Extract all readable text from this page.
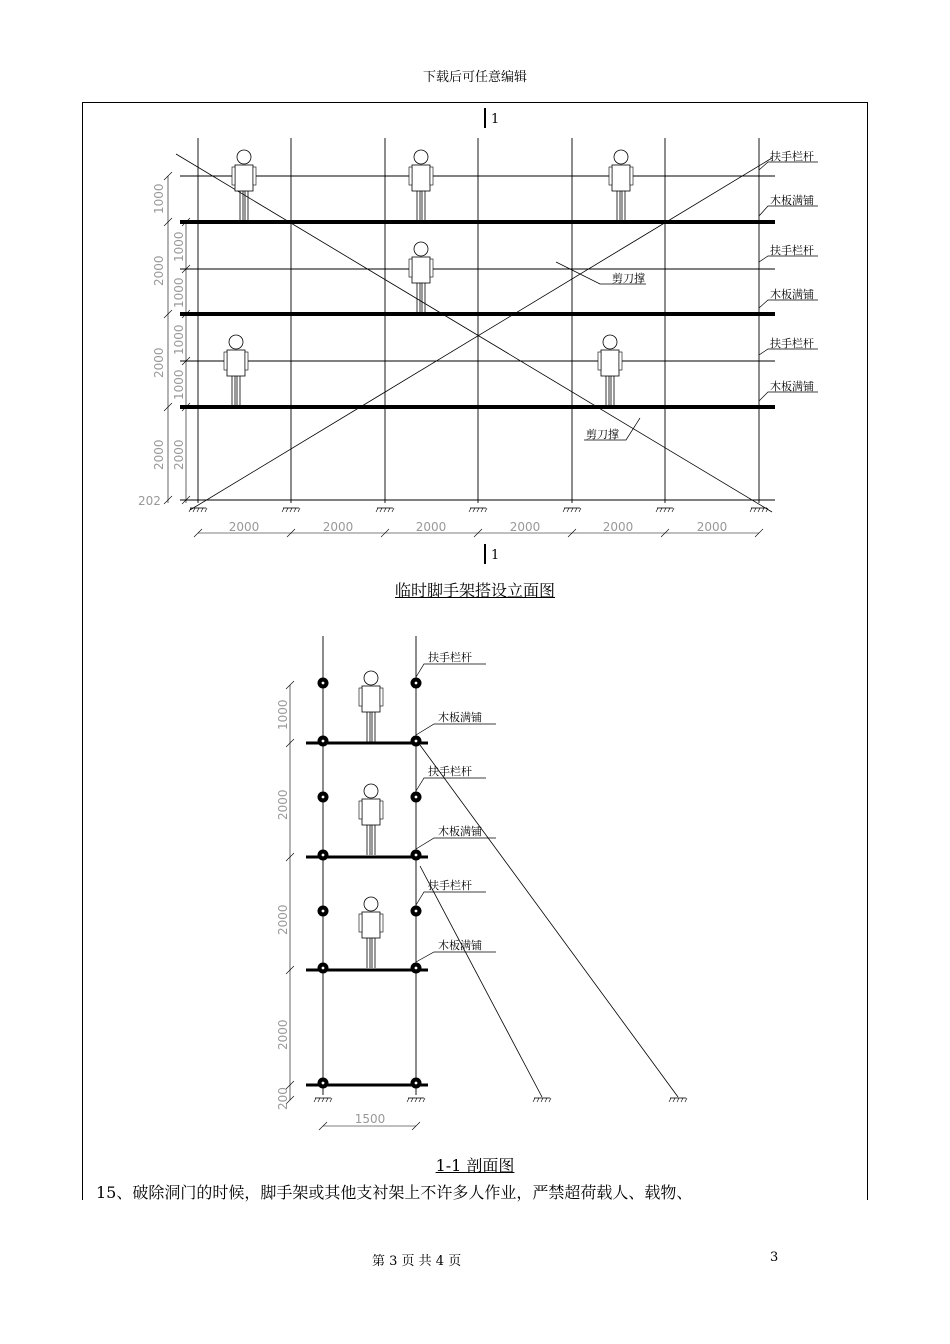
下载后可任意编辑
1
扶手栏杆
木板满铺
扶手栏杆
木板满铺
扶手栏杆
木板满铺
剪刀撑
剪刀撑
1000
2000
2000
2000
202
1000
1000
1000
1000
2000
2000	2000	2000	2000	2000	2000
1
扶手栏杆
木板满铺
扶手栏杆
木板满铺
扶手栏杆
木板满铺
1000
2000
2000
2000
200
1500
临时脚手架搭设立面图
1-1 剖面图
15、破除洞门的时候，脚手架或其他支衬架上不许多人作业，严禁超荷载人、载物、
第 3 页 共 4 页	3
